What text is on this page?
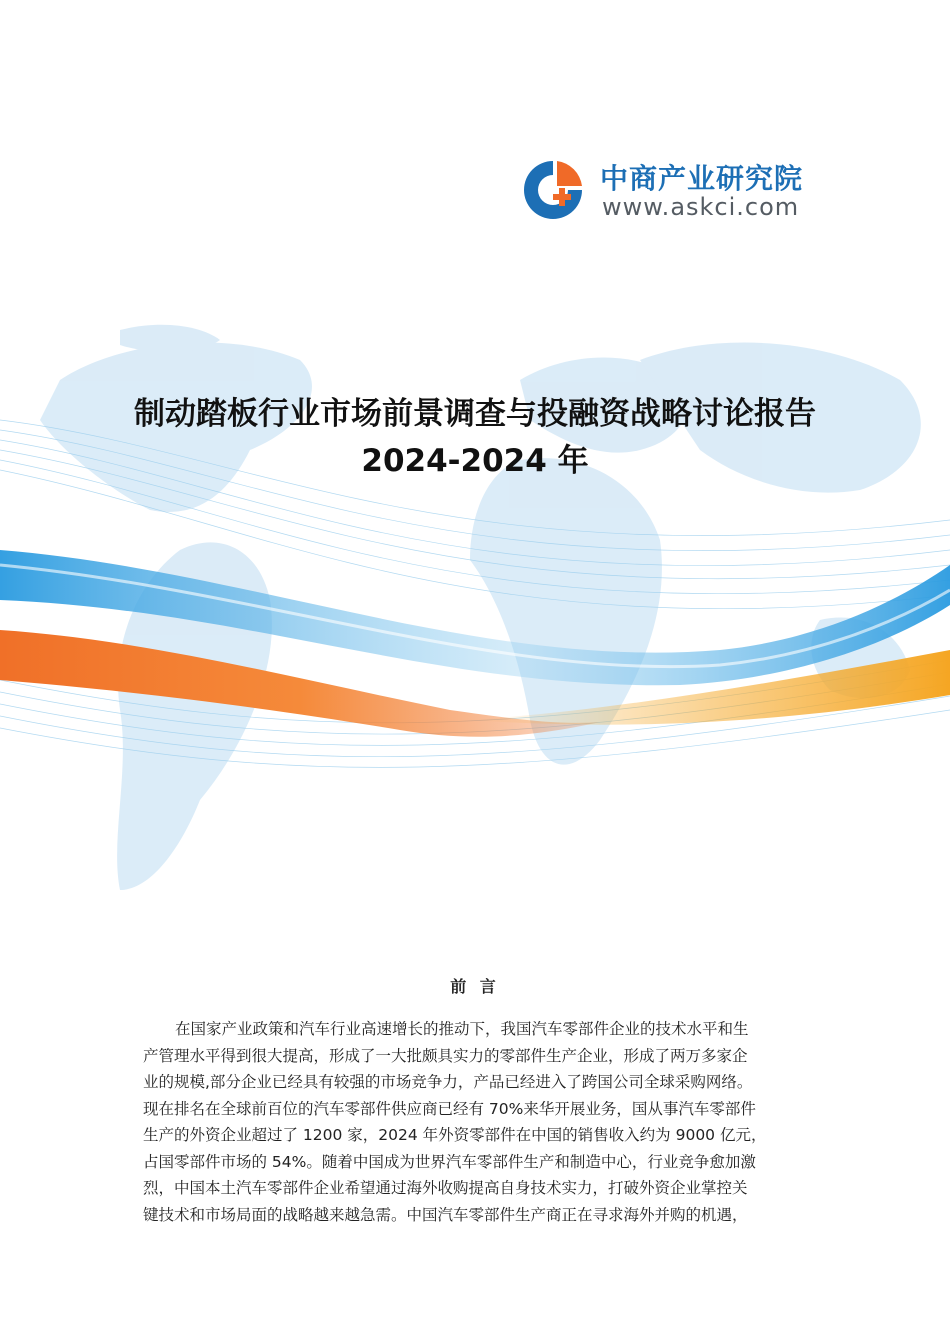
中商产业研究院
www.askci.com
制动踏板行业市场前景调查与投融资战略讨论报告
2024-2024 年
前 言
在国家产业政策和汽车行业高速增长的推动下，我国汽车零部件企业的技术水平和生
产管理水平得到很大提高，形成了一大批颇具实力的零部件生产企业，形成了两万多家企
业的规模,部分企业已经具有较强的市场竞争力，产品已经进入了跨国公司全球采购网络。
现在排名在全球前百位的汽车零部件供应商已经有 70%来华开展业务，国从事汽车零部件
生产的外资企业超过了 1200 家，2024 年外资零部件在中国的销售收入约为 9000 亿元，
占国零部件市场的 54%。随着中国成为世界汽车零部件生产和制造中心，行业竞争愈加激
烈，中国本土汽车零部件企业希望通过海外收购提高自身技术实力，打破外资企业掌控关
键技术和市场局面的战略越来越急需。中国汽车零部件生产商正在寻求海外并购的机遇，
